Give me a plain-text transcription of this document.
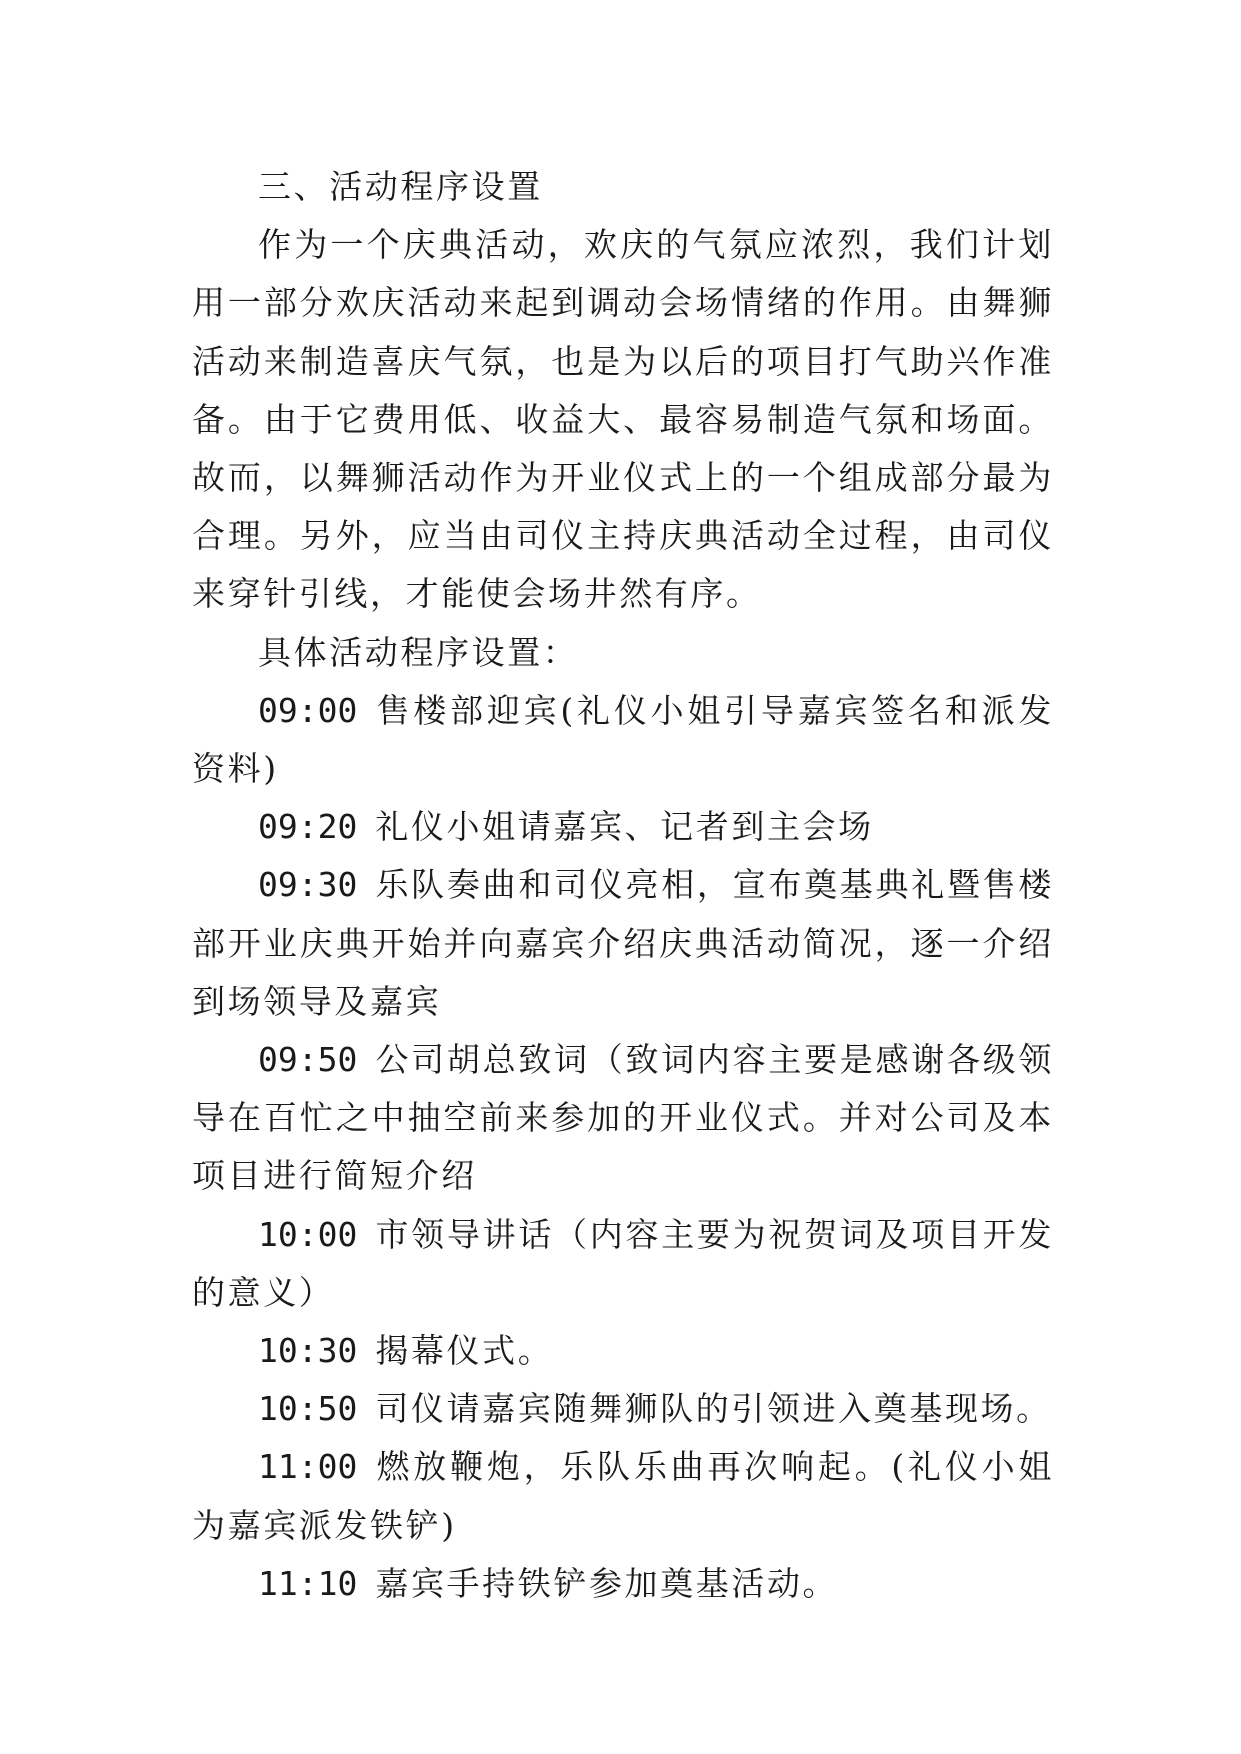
三、活动程序设置

作为一个庆典活动，欢庆的气氛应浓烈，我们计划用一部分欢庆活动来起到调动会场情绪的作用。由舞狮活动来制造喜庆气氛，也是为以后的项目打气助兴作准备。由于它费用低、收益大、最容易制造气氛和场面。故而，以舞狮活动作为开业仪式上的一个组成部分最为合理。另外，应当由司仪主持庆典活动全过程，由司仪来穿针引线，才能使会场井然有序。

具体活动程序设置：

09:00 售楼部迎宾(礼仪小姐引导嘉宾签名和派发资料)

09:20 礼仪小姐请嘉宾、记者到主会场

09:30 乐队奏曲和司仪亮相，宣布奠基典礼暨售楼部开业庆典开始并向嘉宾介绍庆典活动简况，逐一介绍到场领导及嘉宾

09:50 公司胡总致词（致词内容主要是感谢各级领导在百忙之中抽空前来参加的开业仪式。并对公司及本项目进行简短介绍

10:00 市领导讲话（内容主要为祝贺词及项目开发的意义）

10:30 揭幕仪式。

10:50 司仪请嘉宾随舞狮队的引领进入奠基现场。

11:00 燃放鞭炮，乐队乐曲再次响起。(礼仪小姐为嘉宾派发铁铲)

11:10 嘉宾手持铁铲参加奠基活动。
